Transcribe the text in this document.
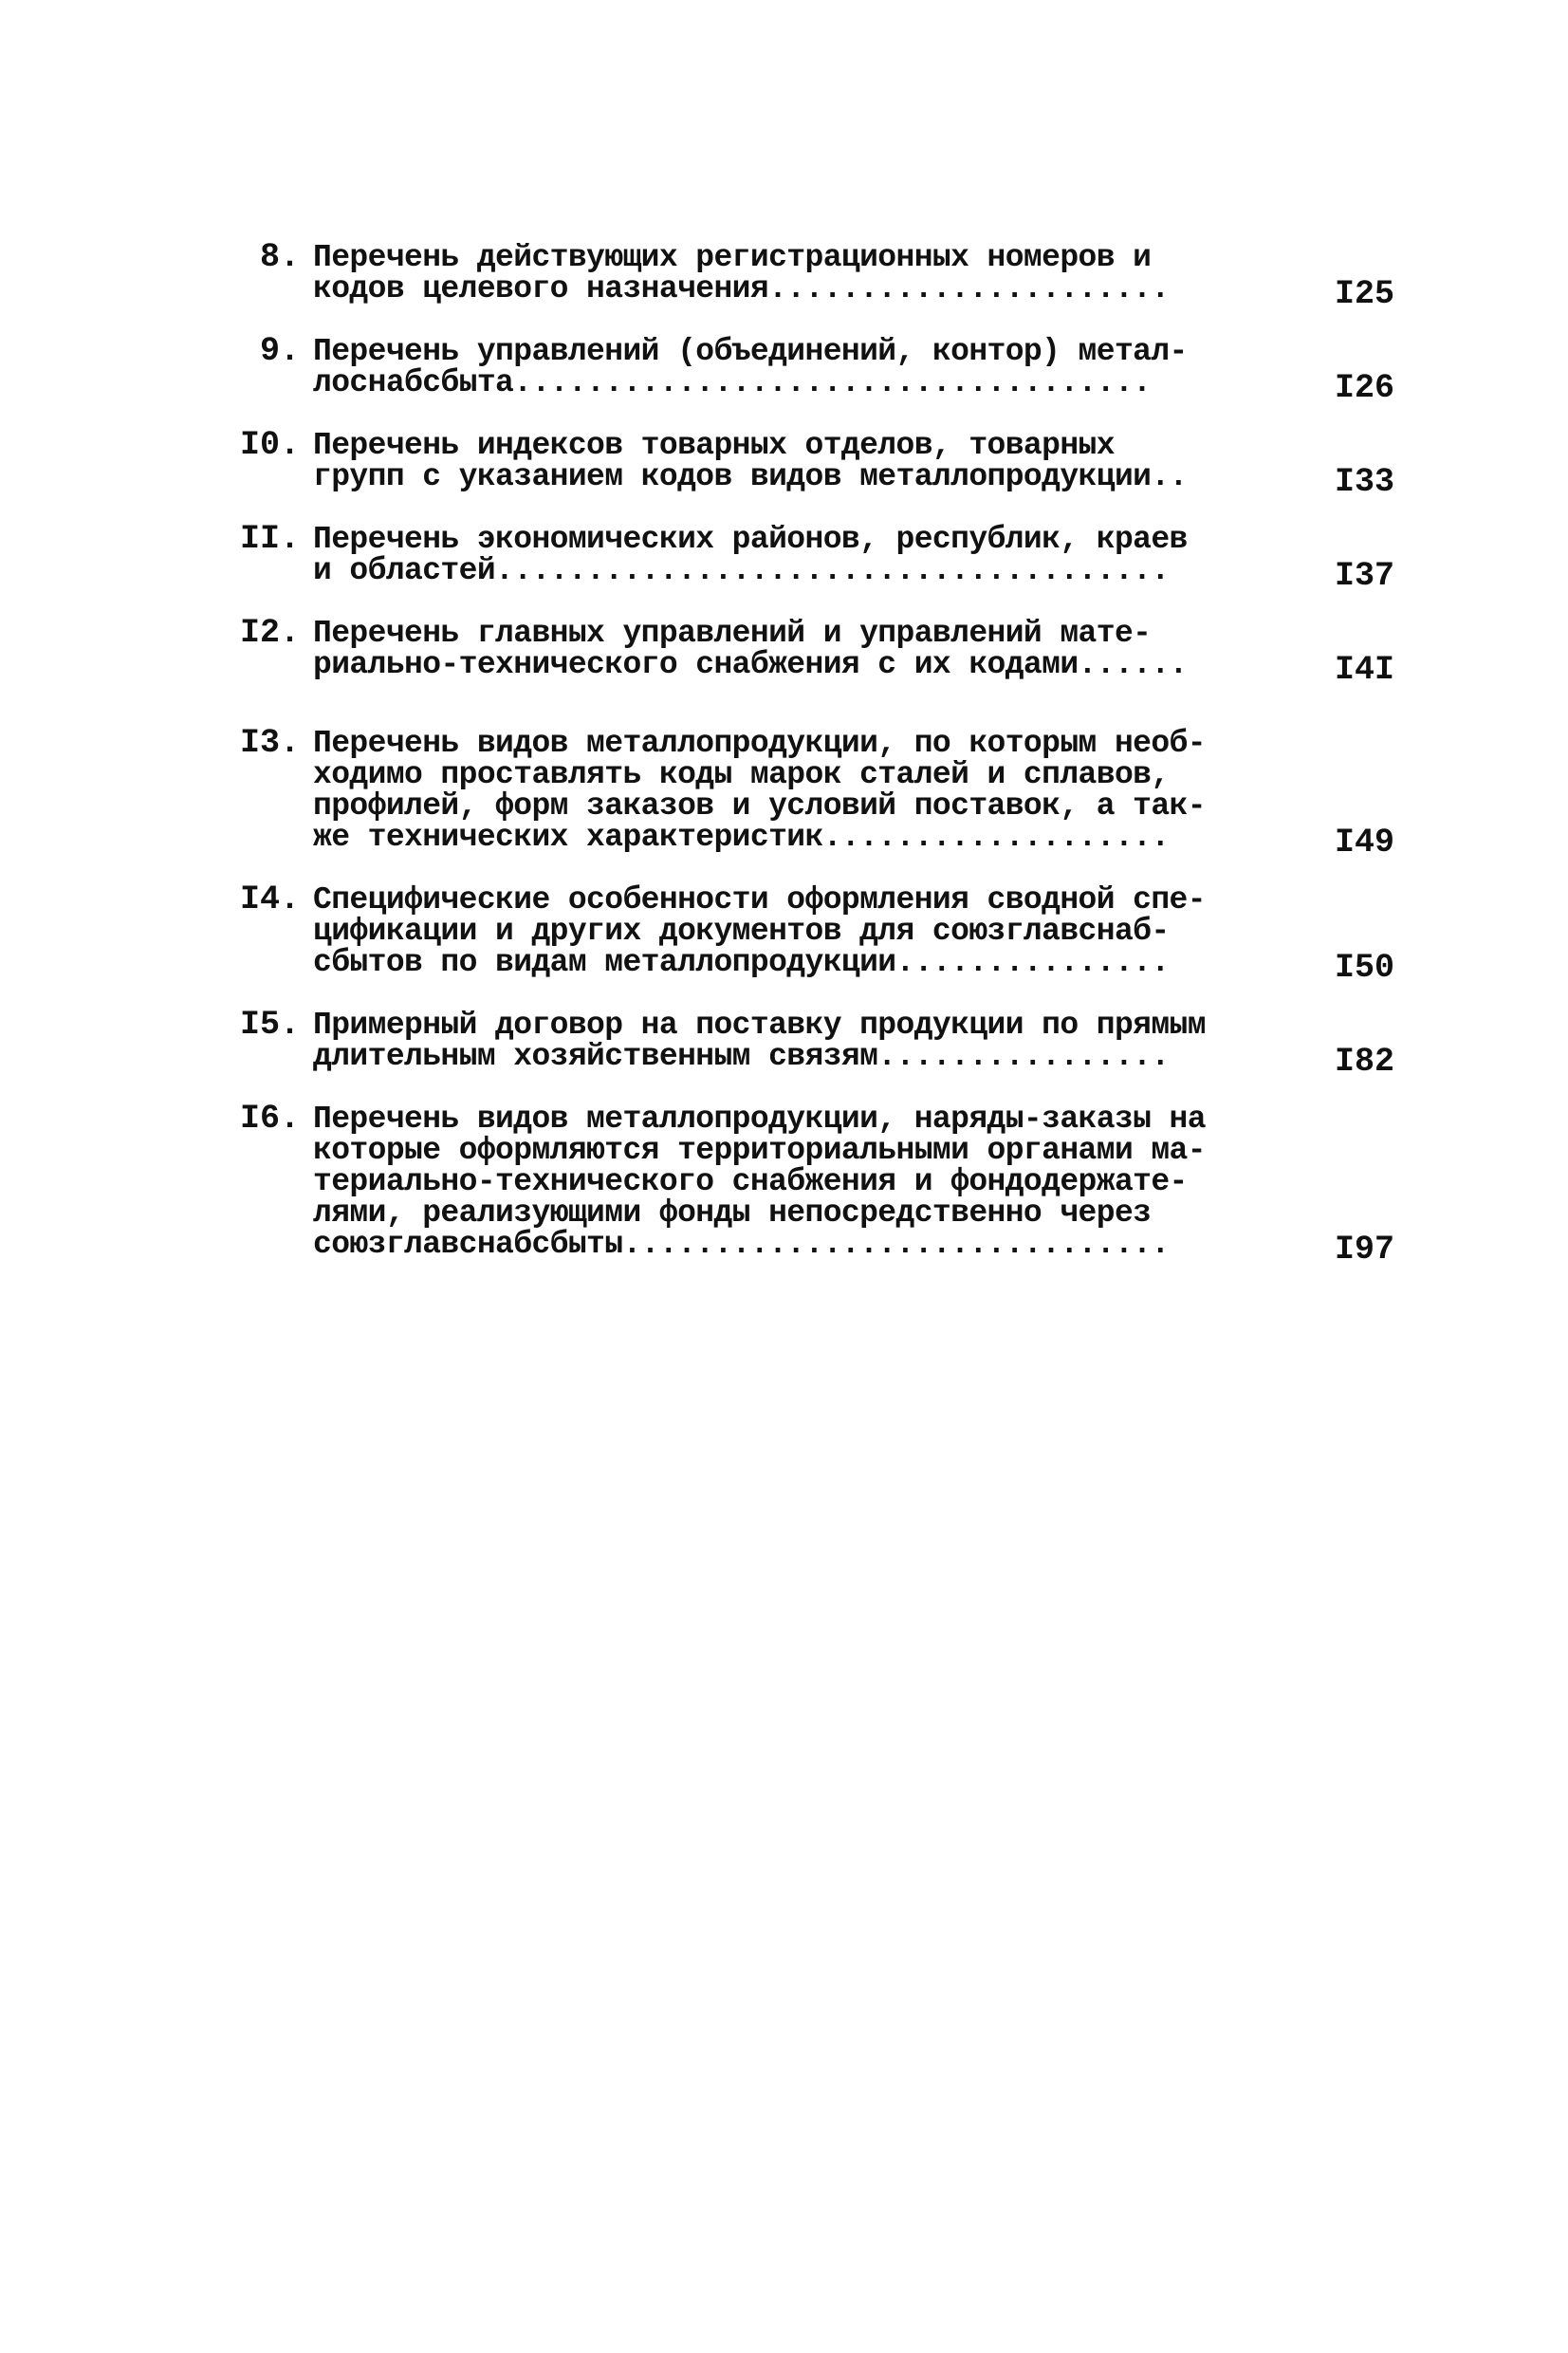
8. Перечень действующих регистрационных номеров и
кодов целевого назначения......................	I25
9. Перечень управлений (объединений, контор) метал-
лоснабсбыта...................................	I26
I0. Перечень индексов товарных отделов, товарных
групп с указанием кодов видов металлопродукции..	I33
II. Перечень экономических районов, республик, краев
и областей.....................................	I37
I2. Перечень главных управлений и управлений мате-
риально-технического снабжения с их кодами......	I4I
I3. Перечень видов металлопродукции, по которым необ-
ходимо проставлять коды марок сталей и сплавов,
профилей, форм заказов и условий поставок, а так-
же технических характеристик...................	I49
I4. Специфические особенности оформления сводной спе-
цификации и других документов для союзглавснаб-
сбытов по видам металлопродукции...............	I50
I5. Примерный договор на поставку продукции по прямым
длительным хозяйственным связям................	I82
I6. Перечень видов металлопродукции, наряды-заказы на
которые оформляются территориальными органами ма-
териально-технического снабжения и фондодержате-
лями, реализующими фонды непосредственно через
союзглавснабсбыты..............................	I97
